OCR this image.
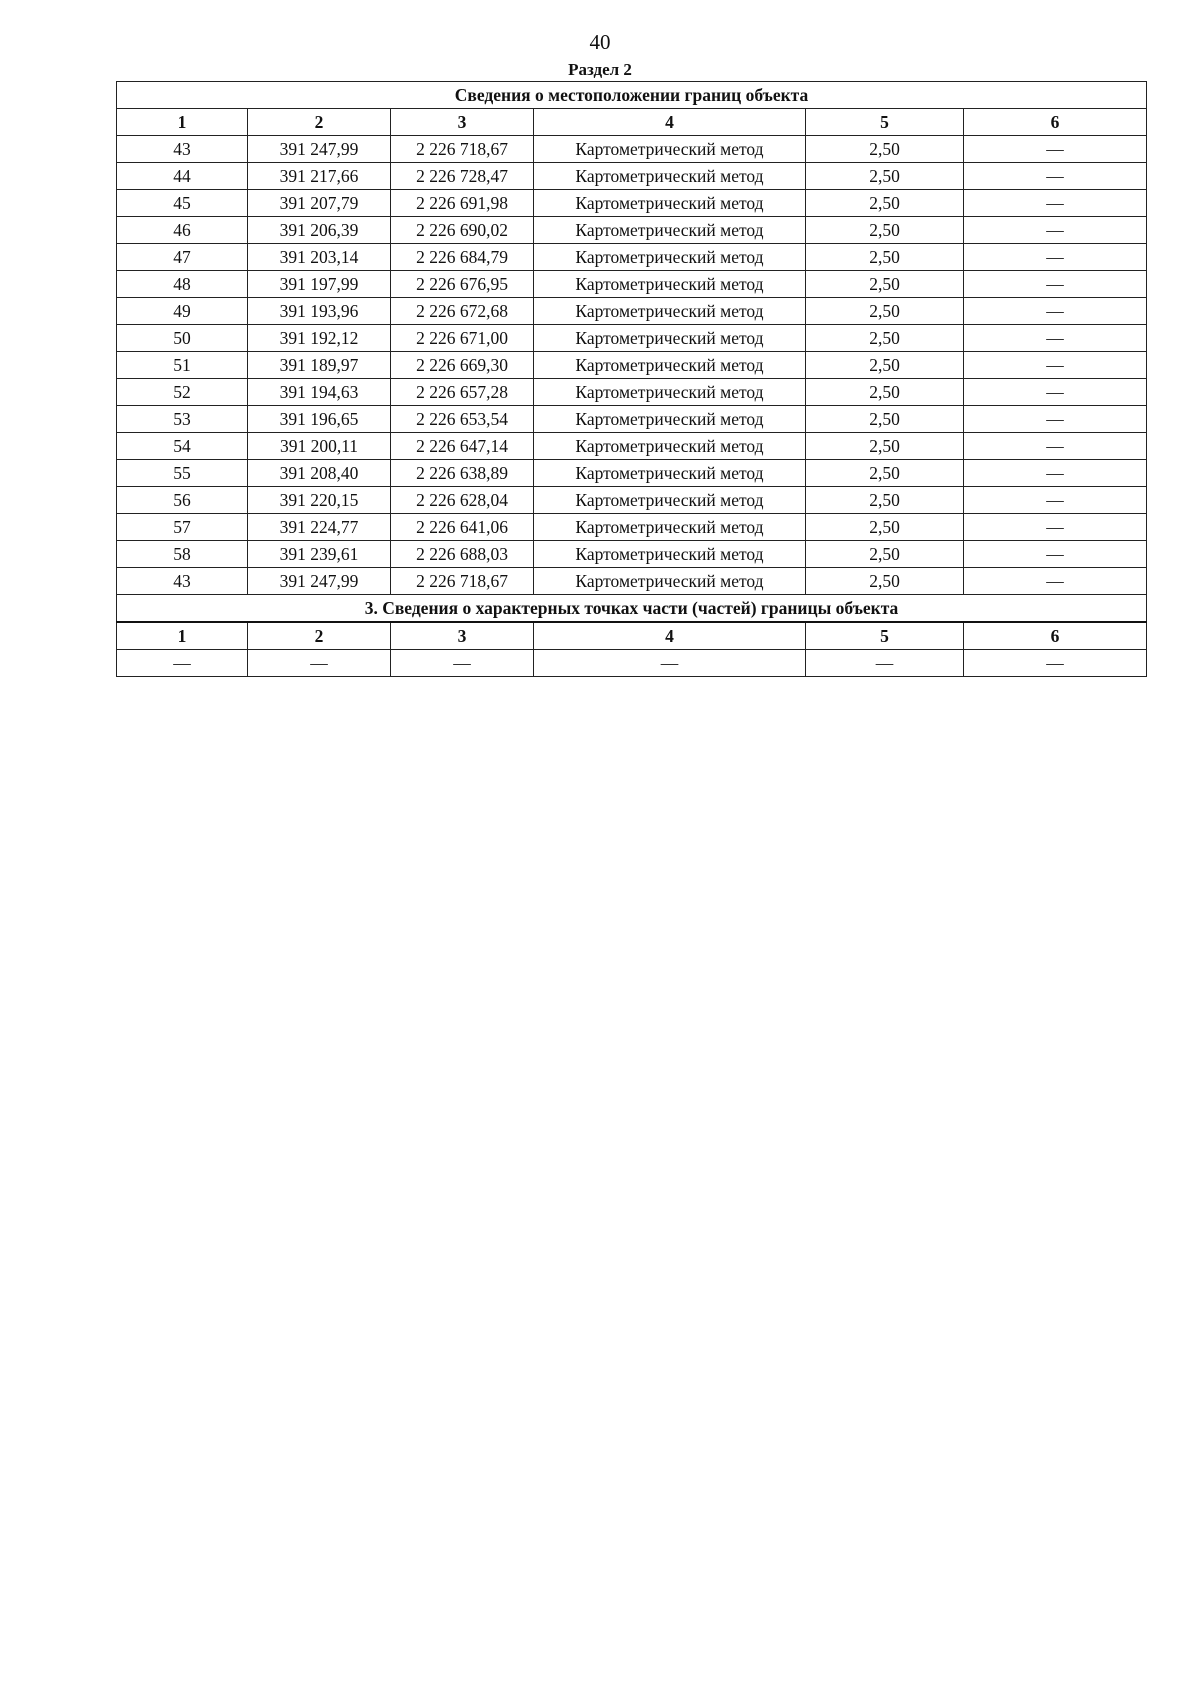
40
Раздел 2
Сведения о местоположении границ объекта					
1	2	3	4	5	6
43	391 247,99	2 226 718,67	Картометрический метод	2,50	—
44	391 217,66	2 226 728,47	Картометрический метод	2,50	—
45	391 207,79	2 226 691,98	Картометрический метод	2,50	—
46	391 206,39	2 226 690,02	Картометрический метод	2,50	—
47	391 203,14	2 226 684,79	Картометрический метод	2,50	—
48	391 197,99	2 226 676,95	Картометрический метод	2,50	—
49	391 193,96	2 226 672,68	Картометрический метод	2,50	—
50	391 192,12	2 226 671,00	Картометрический метод	2,50	—
51	391 189,97	2 226 669,30	Картометрический метод	2,50	—
52	391 194,63	2 226 657,28	Картометрический метод	2,50	—
53	391 196,65	2 226 653,54	Картометрический метод	2,50	—
54	391 200,11	2 226 647,14	Картометрический метод	2,50	—
55	391 208,40	2 226 638,89	Картометрический метод	2,50	—
56	391 220,15	2 226 628,04	Картометрический метод	2,50	—
57	391 224,77	2 226 641,06	Картометрический метод	2,50	—
58	391 239,61	2 226 688,03	Картометрический метод	2,50	—
43	391 247,99	2 226 718,67	Картометрический метод	2,50	—
3. Сведения о характерных точках части (частей) границы объекта					
1	2	3	4	5	6
—	—	—	—	—	—
